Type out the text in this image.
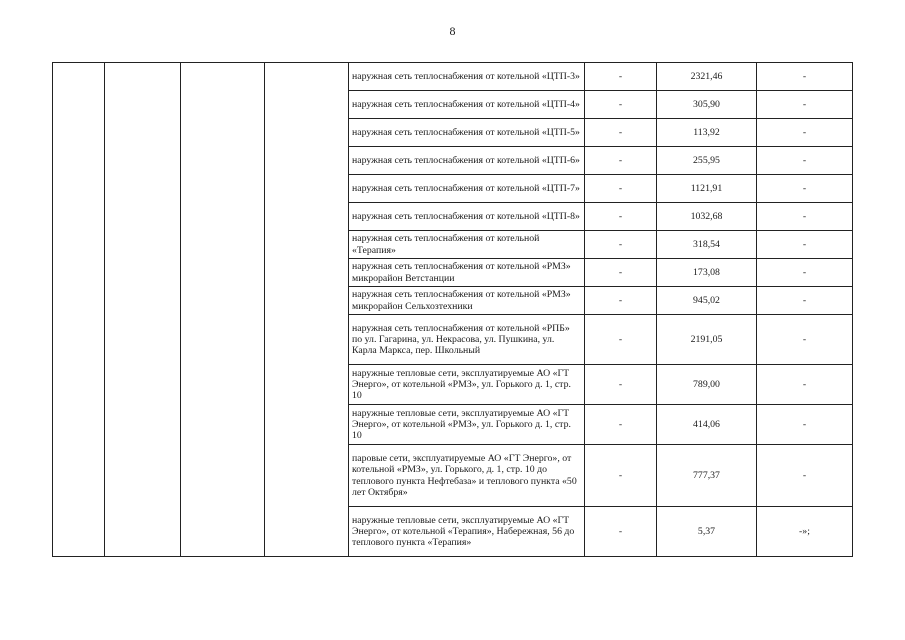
8
				наружная сеть теплоснабжения от котельной «ЦТП-3»	-	2321,46	-
				наружная сеть теплоснабжения от котельной «ЦТП-4»	-	305,90	-
				наружная сеть теплоснабжения от котельной «ЦТП-5»	-	113,92	-
				наружная сеть теплоснабжения от котельной «ЦТП-6»	-	255,95	-
				наружная сеть теплоснабжения от котельной «ЦТП-7»	-	1121,91	-
				наружная сеть теплоснабжения от котельной «ЦТП-8»	-	1032,68	-
				наружная сеть теплоснабжения от котельной «Терапия»	-	318,54	-
				наружная сеть теплоснабжения от котельной «РМЗ» микрорайон Ветстанции	-	173,08	-
				наружная сеть теплоснабжения от котельной «РМЗ» микрорайон Сельхозтехники	-	945,02	-
				наружная сеть теплоснабжения от котельной «РПБ» по ул. Гагарина, ул. Некрасова, ул. Пушкина, ул. Карла Маркса, пер. Школьный	-	2191,05	-
				наружные тепловые сети, эксплуатируемые АО «ГТ Энерго», от котельной «РМЗ», ул. Горького д. 1, стр. 10	-	789,00	-
				наружные тепловые сети, эксплуатируемые АО «ГТ Энерго», от котельной «РМЗ», ул. Горького д. 1, стр. 10	-	414,06	-
				паровые сети, эксплуатируемые АО «ГТ Энерго», от котельной «РМЗ», ул. Горького, д. 1, стр. 10 до теплового пункта Нефтебаза» и теплового пункта «50 лет Октября»	-	777,37	-
				наружные тепловые сети, эксплуатируемые АО «ГТ Энерго», от котельной «Терапия», Набережная, 56 до теплового пункта «Терапия»	-	5,37	-»;
